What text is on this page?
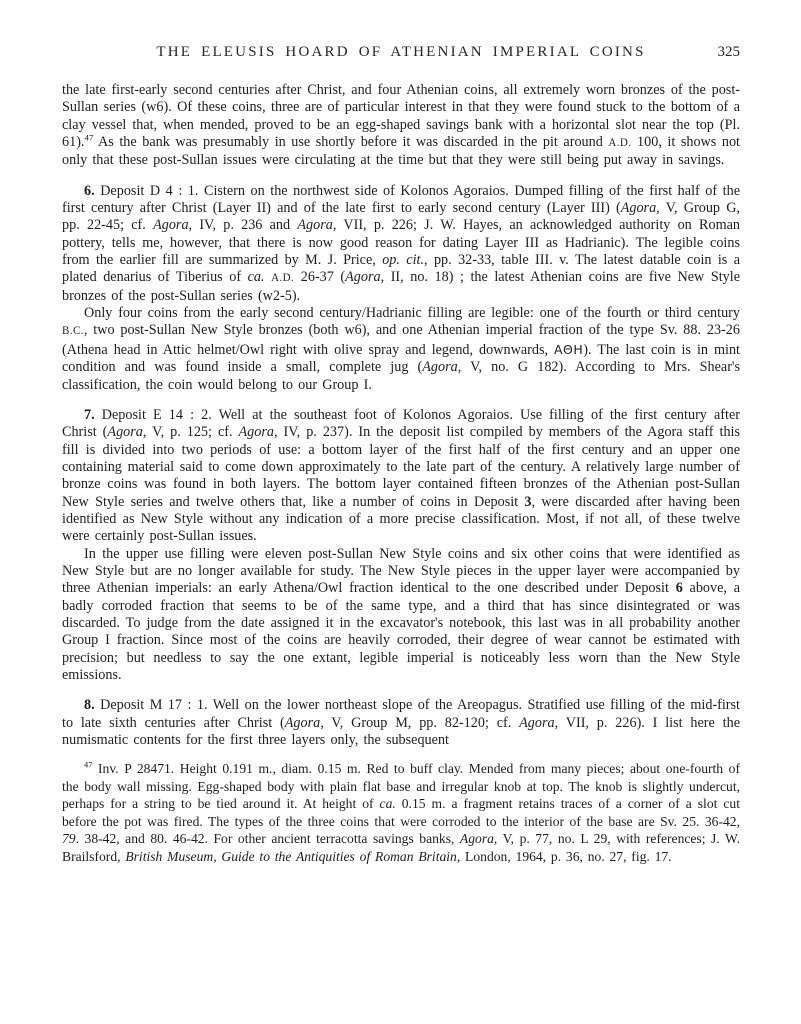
THE ELEUSIS HOARD OF ATHENIAN IMPERIAL COINS	325

the late first-early second centuries after Christ, and four Athenian coins, all extremely worn bronzes of the post-Sullan series (w6). Of these coins, three are of particular interest in that they were found stuck to the bottom of a clay vessel that, when mended, proved to be an egg-shaped savings bank with a horizontal slot near the top (Pl. 61).$^{47}$ As the bank was presumably in use shortly before it was discarded in the pit around A.D. 100, it shows not only that these post-Sullan issues were circulating at the time but that they were still being put away in savings.

6. Deposit D 4 : 1. Cistern on the northwest side of Kolonos Agoraios. Dumped filling of the first half of the first century after Christ (Layer II) and of the late first to early second century (Layer III) (Agora, V, Group G, pp. 22-45; cf. Agora, IV, p. 236 and Agora, VII, p. 226; J. W. Hayes, an acknowledged authority on Roman pottery, tells me, however, that there is now good reason for dating Layer III as Hadrianic). The legible coins from the earlier fill are summarized by M. J. Price, op. cit., pp. 32-33, table III. v. The latest datable coin is a plated denarius of Tiberius of ca. A.D. 26-37 (Agora, II, no. 18) ; the latest Athenian coins are five New Style bronzes of the post-Sullan series (w2-5).

Only four coins from the early second century/Hadrianic filling are legible: one of the fourth or third century B.C., two post-Sullan New Style bronzes (both w6), and one Athenian imperial fraction of the type Sv. 88. 23-26 (Athena head in Attic helmet/Owl right with olive spray and legend, downwards, ΑΘΗ). The last coin is in mint condition and was found inside a small, complete jug (Agora, V, no. G 182). According to Mrs. Shear's classification, the coin would belong to our Group I.

7. Deposit E 14 : 2. Well at the southeast foot of Kolonos Agoraios. Use filling of the first century after Christ (Agora, V, p. 125; cf. Agora, IV, p. 237). In the deposit list compiled by members of the Agora staff this fill is divided into two periods of use: a bottom layer of the first half of the first century and an upper one containing material said to come down approximately to the late part of the century. A relatively large number of bronze coins was found in both layers. The bottom layer contained fifteen bronzes of the Athenian post-Sullan New Style series and twelve others that, like a number of coins in Deposit 3, were discarded after having been identified as New Style without any indication of a more precise classification. Most, if not all, of these twelve were certainly post-Sullan issues.

In the upper use filling were eleven post-Sullan New Style coins and six other coins that were identified as New Style but are no longer available for study. The New Style pieces in the upper layer were accompanied by three Athenian imperials: an early Athena/Owl fraction identical to the one described under Deposit 6 above, a badly corroded fraction that seems to be of the same type, and a third that has since disintegrated or was discarded. To judge from the date assigned it in the excavator's notebook, this last was in all probability another Group I fraction. Since most of the coins are heavily corroded, their degree of wear cannot be estimated with precision; but needless to say the one extant, legible imperial is noticeably less worn than the New Style emissions.

8. Deposit M 17 : 1. Well on the lower northeast slope of the Areopagus. Stratified use filling of the mid-first to late sixth centuries after Christ (Agora, V, Group M, pp. 82-120; cf. Agora, VII, p. 226). I list here the numismatic contents for the first three layers only, the subsequent

$^{47}$ Inv. P 28471. Height 0.191 m., diam. 0.15 m. Red to buff clay. Mended from many pieces; about one-fourth of the body wall missing. Egg-shaped body with plain flat base and irregular knob at top. The knob is slightly undercut, perhaps for a string to be tied around it. At height of ca. 0.15 m. a fragment retains traces of a corner of a slot cut before the pot was fired. The types of the three coins that were corroded to the interior of the base are Sv. 25. 36-42, 79. 38-42, and 80. 46-42. For other ancient terracotta savings banks, Agora, V, p. 77, no. L 29, with references; J. W. Brailsford, British Museum, Guide to the Antiquities of Roman Britain, London, 1964, p. 36, no. 27, fig. 17.
